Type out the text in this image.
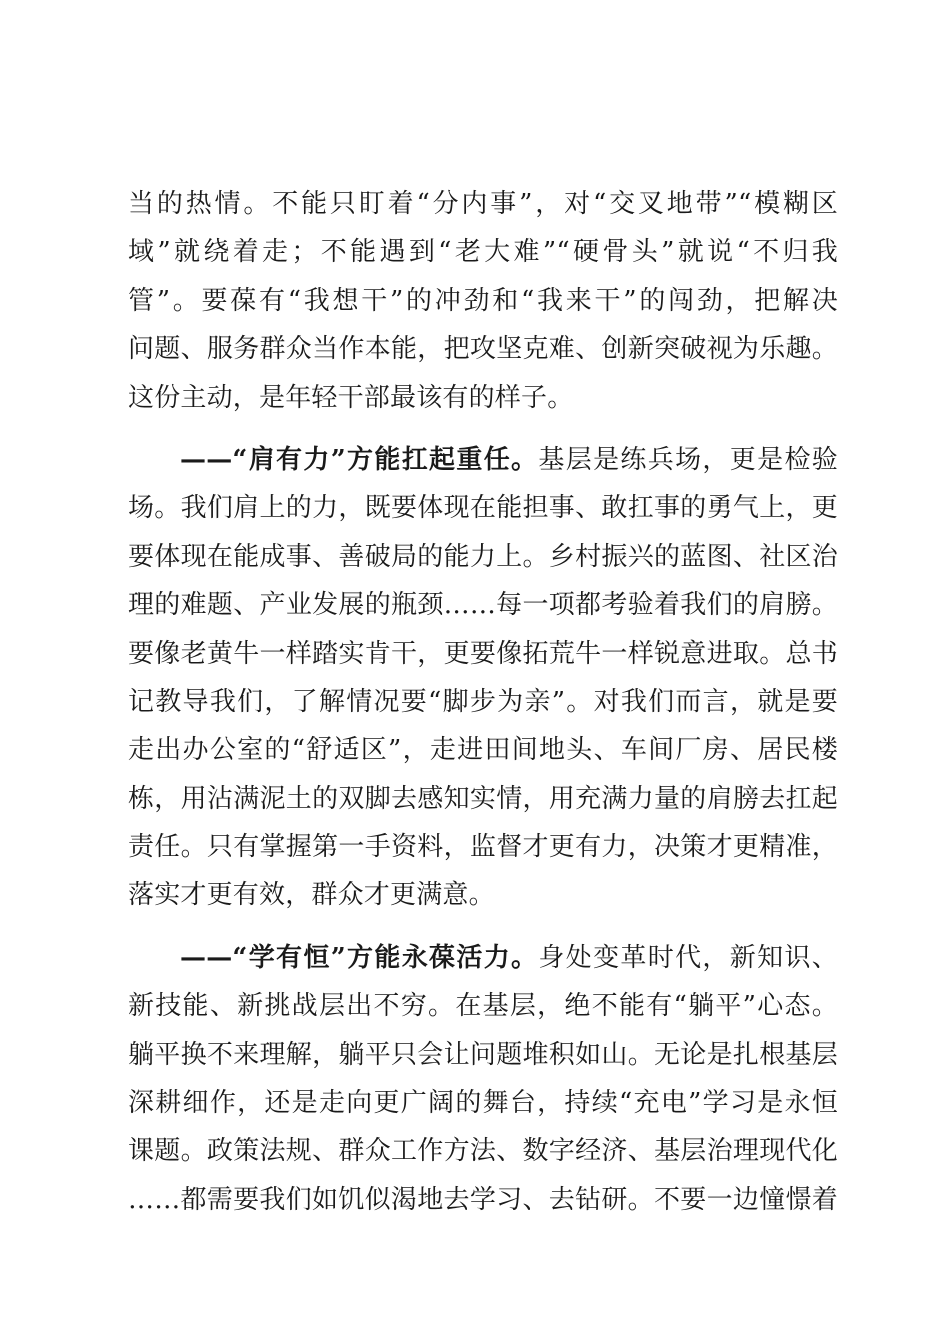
当的热情。不能只盯着“分内事”，对“交叉地带”“模糊区
域”就绕着走；不能遇到“老大难”“硬骨头”就说“不归我
管”。要葆有“我想干”的冲劲和“我来干”的闯劲，把解决
问题、服务群众当作本能，把攻坚克难、创新突破视为乐趣。
这份主动，是年轻干部最该有的样子。
——“肩有力”方能扛起重任。基层是练兵场，更是检验
场。我们肩上的力，既要体现在能担事、敢扛事的勇气上，更
要体现在能成事、善破局的能力上。乡村振兴的蓝图、社区治
理的难题、产业发展的瓶颈……每一项都考验着我们的肩膀。
要像老黄牛一样踏实肯干，更要像拓荒牛一样锐意进取。总书
记教导我们，了解情况要“脚步为亲”。对我们而言，就是要
走出办公室的“舒适区”，走进田间地头、车间厂房、居民楼
栋，用沾满泥土的双脚去感知实情，用充满力量的肩膀去扛起
责任。只有掌握第一手资料，监督才更有力，决策才更精准，
落实才更有效，群众才更满意。
——“学有恒”方能永葆活力。身处变革时代，新知识、
新技能、新挑战层出不穷。在基层，绝不能有“躺平”心态。
躺平换不来理解，躺平只会让问题堆积如山。无论是扎根基层
深耕细作，还是走向更广阔的舞台，持续“充电”学习是永恒
课题。政策法规、群众工作方法、数字经济、基层治理现代化
……都需要我们如饥似渴地去学习、去钻研。不要一边憧憬着
